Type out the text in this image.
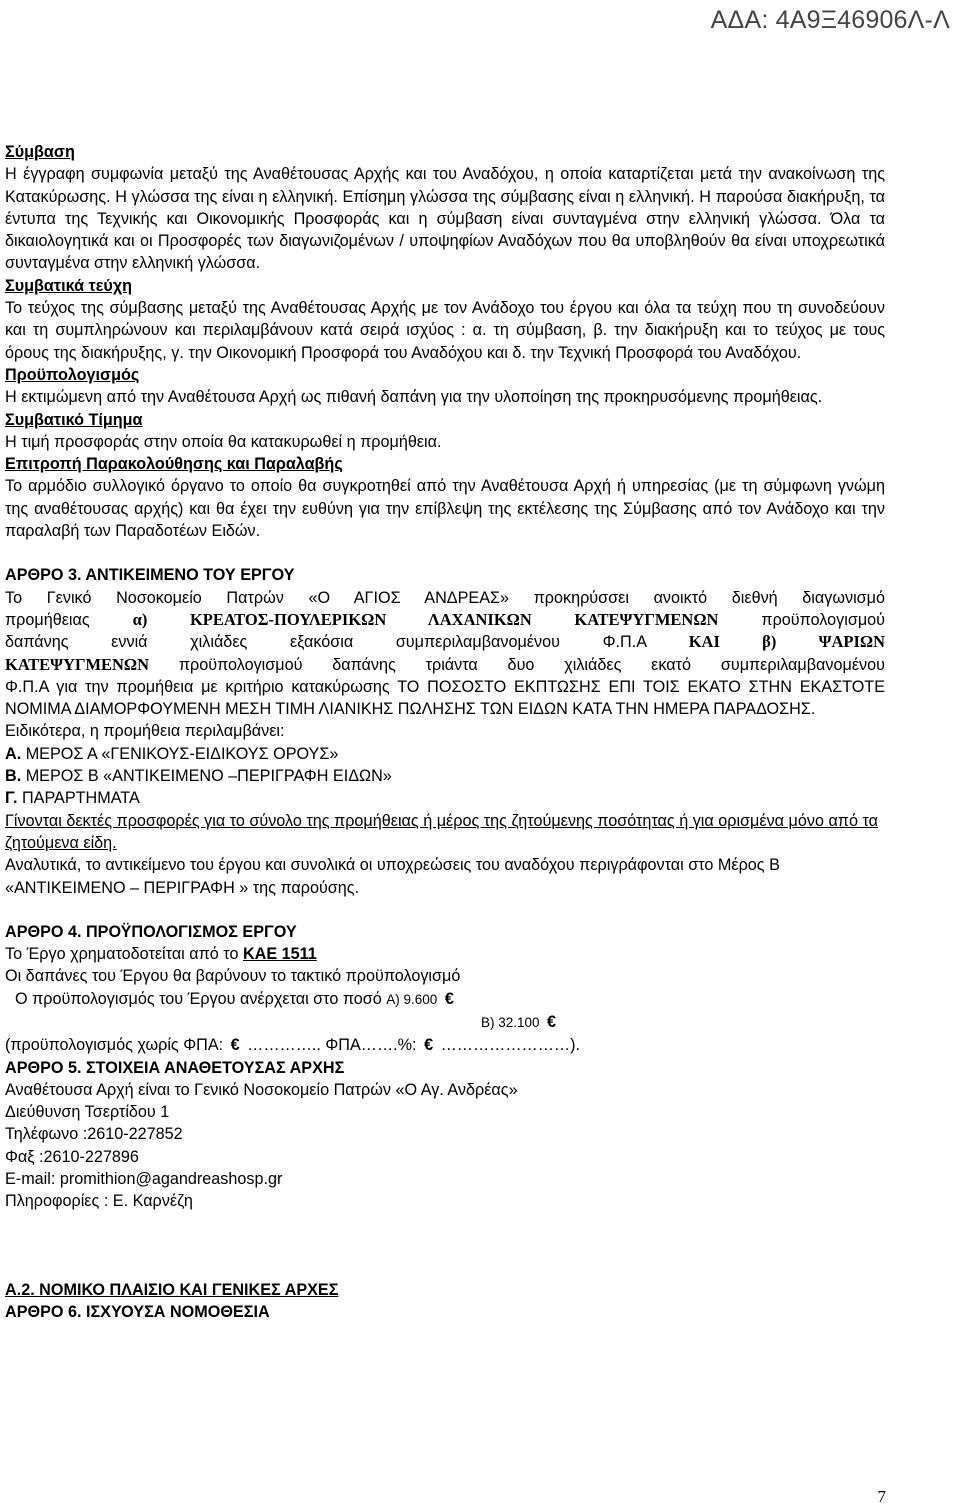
ΑΔΑ: 4Α9Ξ46906Λ-Λ

Σύμβαση

Η έγγραφη συμφωνία μεταξύ της Αναθέτουσας Αρχής και του Αναδόχου, η οποία καταρτίζεται μετά την ανακοίνωση της Κατακύρωσης. Η γλώσσα της είναι η ελληνική. Επίσημη γλώσσα της σύμβασης είναι η ελληνική. Η παρούσα διακήρυξη, τα έντυπα της Τεχνικής και Οικονομικής Προσφοράς και η σύμβαση είναι συνταγμένα στην ελληνική γλώσσα. Όλα τα δικαιολογητικά και οι Προσφορές των διαγωνιζομένων / υποψηφίων Αναδόχων που θα υποβληθούν θα είναι υποχρεωτικά συνταγμένα στην ελληνική γλώσσα.

Συμβατικά τεύχη

Το τεύχος της σύμβασης μεταξύ της Αναθέτουσας Αρχής με τον Ανάδοχο του έργου και όλα τα τεύχη που τη συνοδεύουν και τη συμπληρώνουν και περιλαμβάνουν κατά σειρά ισχύος : α. τη σύμβαση, β. την διακήρυξη και το τεύχος με τους όρους της διακήρυξης, γ. την Οικονομική Προσφορά του Αναδόχου και δ. την Τεχνική Προσφορά του Αναδόχου.

Προϋπολογισμός

Η εκτιμώμενη από την Αναθέτουσα Αρχή ως πιθανή δαπάνη για την υλοποίηση της προκηρυσόμενης προμήθειας.

Συμβατικό Τίμημα

Η τιμή προσφοράς στην οποία θα κατακυρωθεί η προμήθεια.

Επιτροπή Παρακολούθησης και Παραλαβής

Το αρμόδιο συλλογικό όργανο το οποίο θα συγκροτηθεί από την Αναθέτουσα Αρχή ή υπηρεσίας (με τη σύμφωνη γνώμη της αναθέτουσας αρχής) και θα έχει την ευθύνη για την επίβλεψη της εκτέλεσης της Σύμβασης από τον Ανάδοχο και την παραλαβή των Παραδοτέων Ειδών.

ΑΡΘΡΟ 3. ΑΝΤΙΚΕΙΜΕΝΟ ΤΟΥ ΕΡΓΟΥ

Το Γενικό Νοσοκομείο Πατρών «Ο ΑΓΙΟΣ ΑΝΔΡΕΑΣ» προκηρύσσει ανοικτό διεθνή διαγωνισμό

προμήθειας	α) ΚΡΕΑΤΟΣ-ΠΟΥΛΕΡΙΚΩΝ ΛΑΧΑΝΙΚΩΝ ΚΑΤΕΨΥΓΜΕΝΩΝ	προϋπολογισμού

δαπάνης εννιά χιλιάδες εξακόσια συμπεριλαμβανομένου Φ.Π.Α	ΚΑΙ β) ΨΑΡΙΩΝ

ΚΑΤΕΨΥΓΜΕΝΩΝ προϋπολογισμού δαπάνης τριάντα δυο χιλιάδες εκατό συμπεριλαμβανομένου

Φ.Π.Α για την προμήθεια με κριτήριο κατακύρωσης ΤΟ ΠΟΣΟΣΤΟ ΕΚΠΤΩΣΗΣ ΕΠΙ ΤΟΙΣ ΕΚΑΤΟ ΣΤΗΝ ΕΚΑΣΤΟΤΕ ΝΟΜΙΜΑ ΔΙΑΜΟΡΦΟΥΜΕΝΗ ΜΕΣΗ ΤΙΜΗ ΛΙΑΝΙΚΗΣ ΠΩΛΗΣΗΣ ΤΩΝ ΕΙΔΩΝ ΚΑΤΑ ΤΗΝ ΗΜΕΡΑ ΠΑΡΑΔΟΣΗΣ.

Ειδικότερα, η προμήθεια περιλαμβάνει:

Α. ΜΕΡΟΣ Α «ΓΕΝΙΚΟΥΣ-ΕΙΔΙΚΟΥΣ ΟΡΟΥΣ»

Β. ΜΕΡΟΣ Β «ΑΝΤΙΚΕΙΜΕΝΟ –ΠΕΡΙΓΡΑΦΗ ΕΙΔΩΝ»

Γ. ΠΑΡΑΡΤΗΜΑΤΑ

Γίνονται δεκτές προσφορές για το σύνολο της προμήθειας ή μέρος της ζητούμενης ποσότητας ή για ορισμένα μόνο από τα ζητούμενα είδη.

Αναλυτικά, το αντικείμενο του έργου και συνολικά οι υποχρεώσεις του αναδόχου περιγράφονται στο Μέρος Β «ΑΝΤΙΚΕΙΜΕΝΟ – ΠΕΡΙΓΡΑΦΗ » της παρούσης.

ΑΡΘΡΟ 4. ΠΡΟΫΠΟΛΟΓΙΣΜΟΣ ΕΡΓΟΥ

Το Έργο χρηματοδοτείται από το ΚΑΕ 1511

Οι δαπάνες του Έργου θα βαρύνουν το τακτικό προϋπολογισμό

Ο προϋπολογισμός του Έργου ανέρχεται στο ποσό Α) 9.600 €

Β) 32.100 €

(προϋπολογισμός χωρίς ΦΠΑ: € ………….. ΦΠΑ…….%: € ……………………).

ΑΡΘΡΟ 5. ΣΤΟΙΧΕΙΑ ΑΝΑΘΕΤΟΥΣΑΣ ΑΡΧΗΣ

Αναθέτουσα Αρχή είναι το Γενικό Νοσοκομείο Πατρών «Ο Αγ. Ανδρέας»

Διεύθυνση Τσερτίδου 1

Τηλέφωνο :2610-227852

Φαξ :2610-227896

E-mail: promithion@agandreashosp.gr

Πληροφορίες : Ε. Καρνέζη

Α.2. ΝΟΜΙΚΟ ΠΛΑΙΣΙΟ ΚΑΙ ΓΕΝΙΚΕΣ ΑΡΧΕΣ

ΑΡΘΡΟ 6. ΙΣΧΥΟΥΣΑ ΝΟΜΟΘΕΣΙΑ

7
